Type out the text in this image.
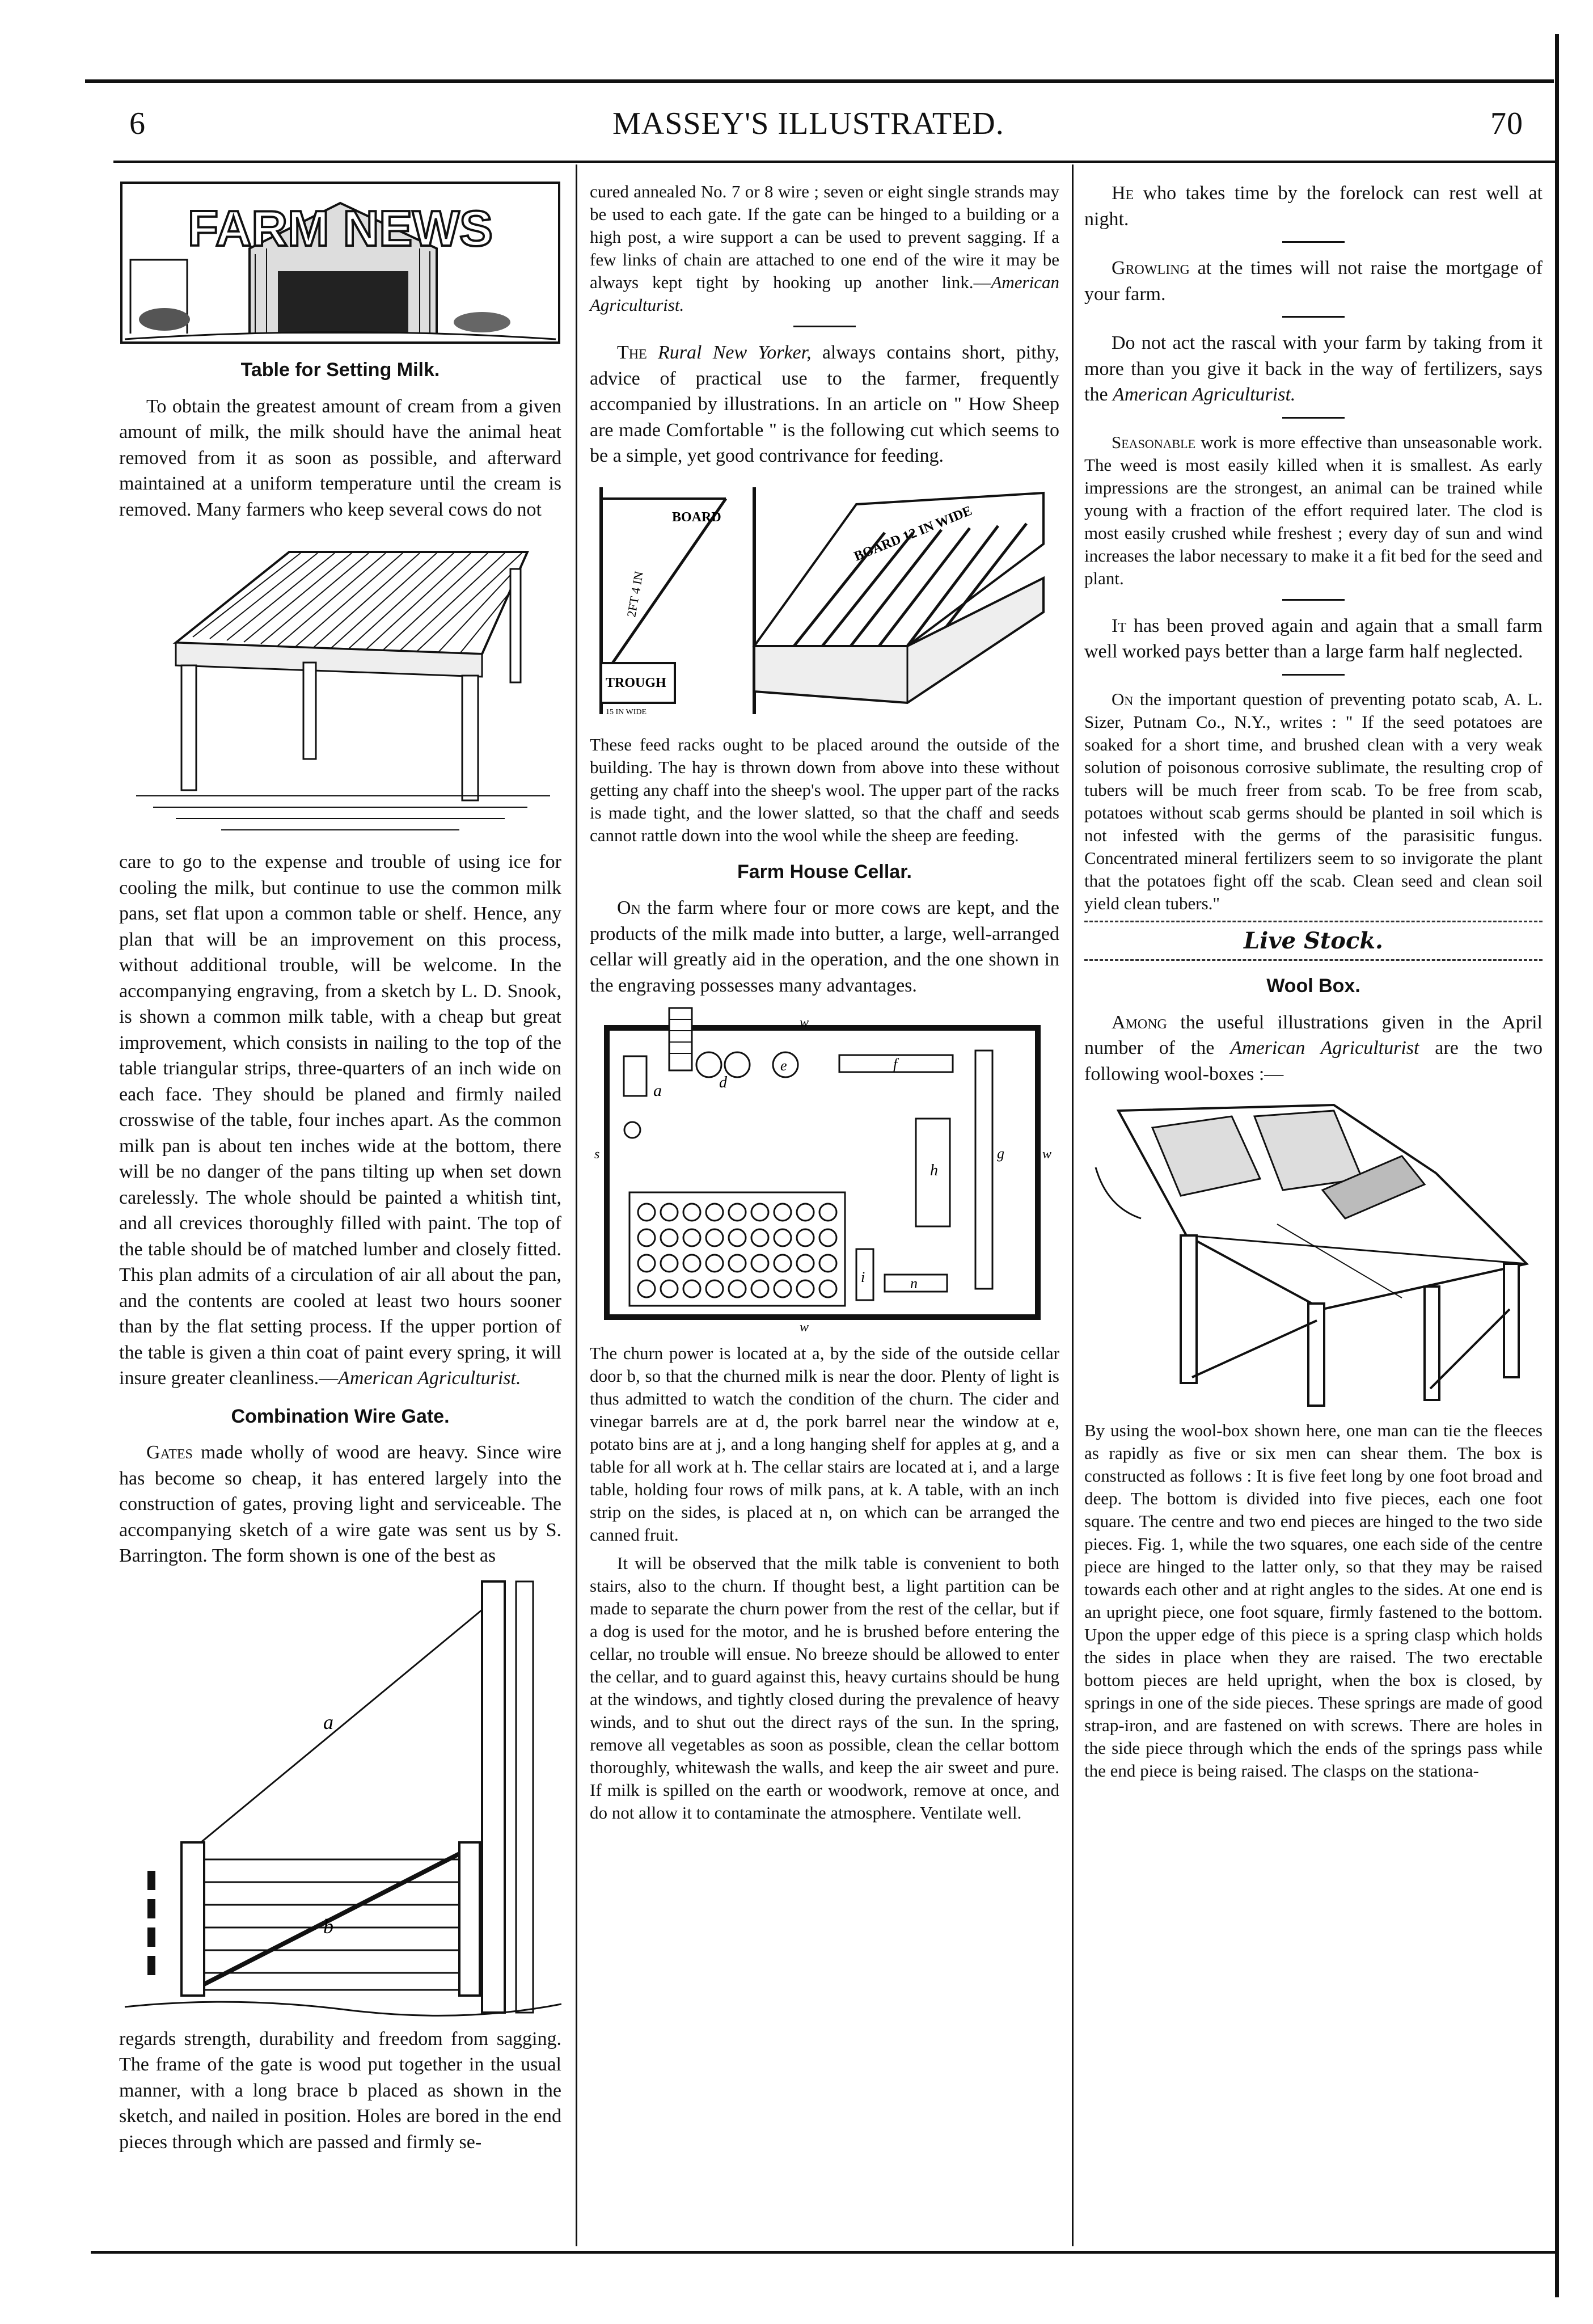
6	MASSEY'S ILLUSTRATED.	70
FARM NEWS
Table for Setting Milk.

To obtain the greatest amount of cream from a given amount of milk, the milk should have the animal heat removed from it as soon as possible, and afterward maintained at a uniform temperature until the cream is removed. Many farmers who keep several cows do not

care to go to the expense and trouble of using ice for cooling the milk, but continue to use the common milk pans, set flat upon a common table or shelf. Hence, any plan that will be an improvement on this process, without additional trouble, will be welcome. In the accompanying engraving, from a sketch by L. D. Snook, is shown a common milk table, with a cheap but great improvement, which consists in nailing to the top of the table triangular strips, three-quarters of an inch wide on each face. They should be planed and firmly nailed crosswise of the table, four inches apart. As the common milk pan is about ten inches wide at the bottom, there will be no danger of the pans tilting up when set down carelessly. The whole should be painted a whitish tint, and all crevices thoroughly filled with paint. The top of the table should be of matched lumber and closely fitted. This plan admits of a circulation of air all about the pan, and the contents are cooled at least two hours sooner than by the flat setting process. If the upper portion of the table is given a thin coat of paint every spring, it will insure greater cleanliness.—American Agriculturist.

Combination Wire Gate.

Gates made wholly of wood are heavy. Since wire has become so cheap, it has entered largely into the construction of gates, proving light and serviceable. The accompanying sketch of a wire gate was sent us by S. Barrington. The form shown is one of the best as

a
b

regards strength, durability and freedom from sagging. The frame of the gate is wood put together in the usual manner, with a long brace b placed as shown in the sketch, and nailed in position. Holes are bored in the end pieces through which are passed and firmly se-

cured annealed No. 7 or 8 wire ; seven or eight single strands may be used to each gate. If the gate can be hinged to a building or a high post, a wire support a can be used to prevent sagging. If a few links of chain are attached to one end of the wire it may be always kept tight by hooking up another link.—American Agriculturist.

The Rural New Yorker, always contains short, pithy, advice of practical use to the farmer, frequently accompanied by illustrations. In an article on " How Sheep are made Comfortable " is the following cut which seems to be a simple, yet good contrivance for feeding.

2FT 4 IN
BOARD
TROUGH
15 IN WIDE
BOARD 12 IN WIDE

These feed racks ought to be placed around the outside of the building. The hay is thrown down from above into these without getting any chaff into the sheep's wool. The upper part of the racks is made tight, and the lower slatted, so that the chaff and seeds cannot rattle down into the wool while the sheep are feeding.

Farm House Cellar.

On the farm where four or more cows are kept, and the products of the milk made into butter, a large, well-arranged cellar will greatly aid in the operation, and the one shown in the engraving possesses many advantages.

a	d
e	f
g
h
i	n
w
w
s	w

The churn power is located at a, by the side of the outside cellar door b, so that the churned milk is near the door. Plenty of light is thus admitted to watch the condition of the churn. The cider and vinegar barrels are at d, the pork barrel near the window at e, potato bins are at j, and a long hanging shelf for apples at g, and a table for all work at h. The cellar stairs are located at i, and a large table, holding four rows of milk pans, at k. A table, with an inch strip on the sides, is placed at n, on which can be arranged the canned fruit.

It will be observed that the milk table is convenient to both stairs, also to the churn. If thought best, a light partition can be made to separate the churn power from the rest of the cellar, but if a dog is used for the motor, and he is brushed before entering the cellar, no trouble will ensue. No breeze should be allowed to enter the cellar, and to guard against this, heavy curtains should be hung at the windows, and tightly closed during the prevalence of heavy winds, and to shut out the direct rays of the sun. In the spring, remove all vegetables as soon as possible, clean the cellar bottom thoroughly, whitewash the walls, and keep the air sweet and pure. If milk is spilled on the earth or woodwork, remove at once, and do not allow it to contaminate the atmosphere. Ventilate well.

He who takes time by the forelock can rest well at night.

Growling at the times will not raise the mortgage of your farm.

Do not act the rascal with your farm by taking from it more than you give it back in the way of fertilizers, says the American Agriculturist.

Seasonable work is more effective than unseasonable work. The weed is most easily killed when it is smallest. As early impressions are the strongest, an animal can be trained while young with a fraction of the effort required later. The clod is most easily crushed while freshest ; every day of sun and wind increases the labor necessary to make it a fit bed for the seed and plant.

It has been proved again and again that a small farm well worked pays better than a large farm half neglected.

On the important question of preventing potato scab, A. L. Sizer, Putnam Co., N.Y., writes : " If the seed potatoes are soaked for a short time, and brushed clean with a very weak solution of poisonous corrosive sublimate, the resulting crop of tubers will be much freer from scab. To be free from scab, potatoes without scab germs should be planted in soil which is not infested with the germs of the parasisitic fungus. Concentrated mineral fertilizers seem to so invigorate the plant that the potatoes fight off the scab. Clean seed and clean soil yield clean tubers."

Live Stock.
Wool Box.

Among the useful illustrations given in the April number of the American Agriculturist are the two following wool-boxes :—

By using the wool-box shown here, one man can tie the fleeces as rapidly as five or six men can shear them. The box is constructed as follows : It is five feet long by one foot broad and deep. The bottom is divided into five pieces, each one foot square. The centre and two end pieces are hinged to the two side pieces. Fig. 1, while the two squares, one each side of the centre piece are hinged to the latter only, so that they may be raised towards each other and at right angles to the sides. At one end is an upright piece, one foot square, firmly fastened to the bottom. Upon the upper edge of this piece is a spring clasp which holds the sides in place when they are raised. The two erectable bottom pieces are held upright, when the box is closed, by springs in one of the side pieces. These springs are made of good strap-iron, and are fastened on with screws. There are holes in the side piece through which the ends of the springs pass while the end piece is being raised. The clasps on the stationa-
